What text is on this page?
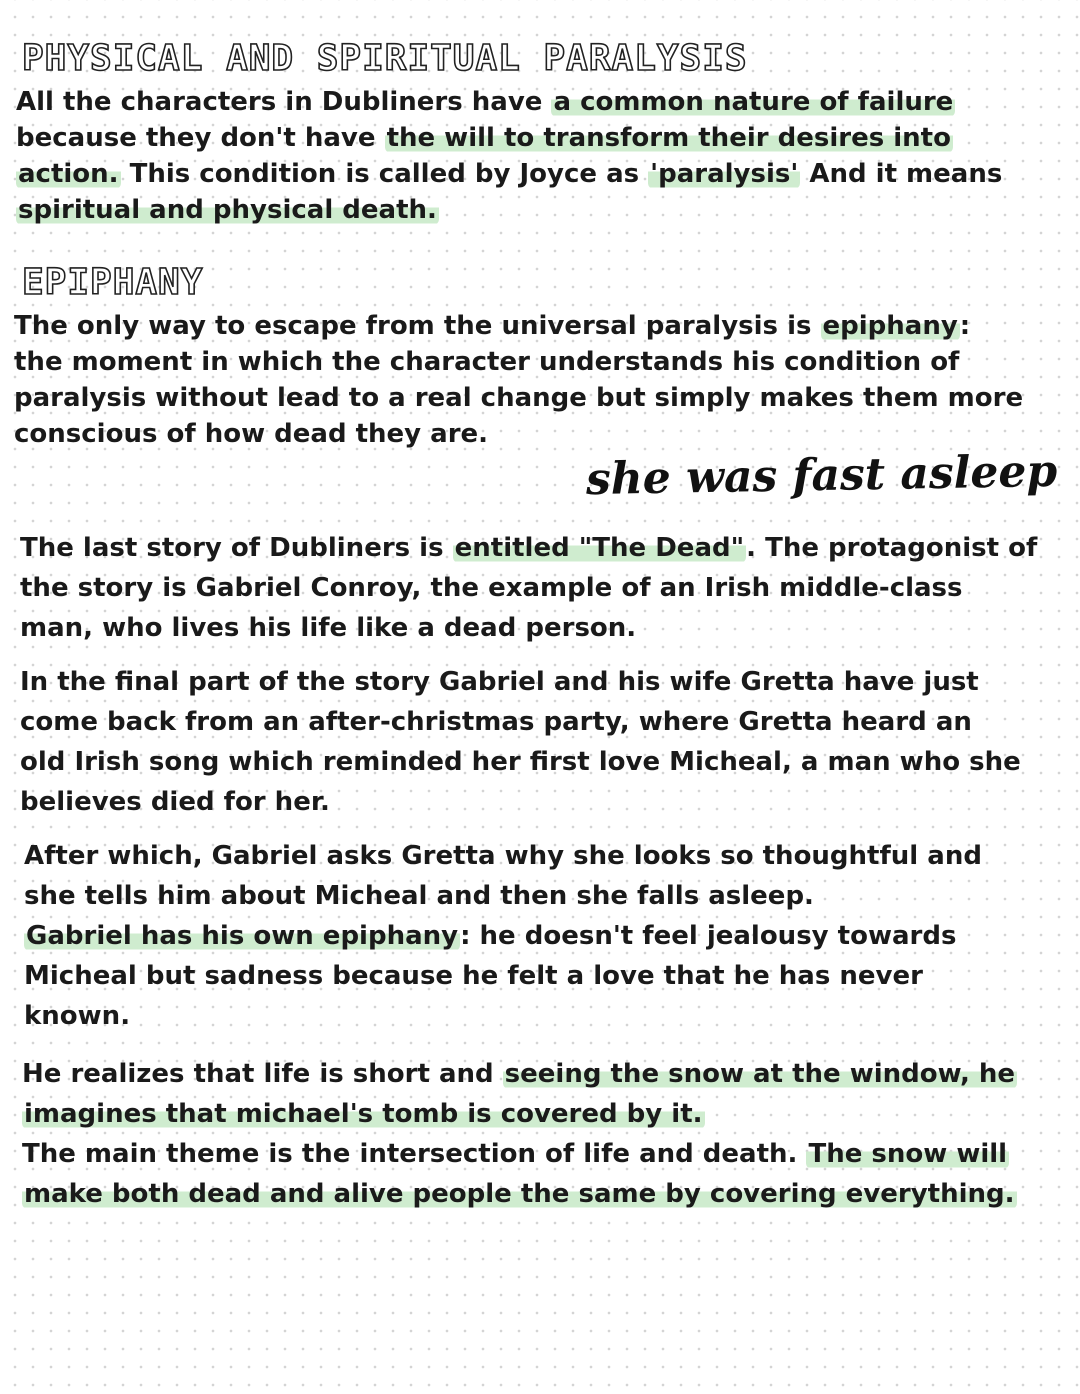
PHYSICAL AND SPIRITUAL PARALYSIS
All the characters in Dubliners have a common nature of failure
because they don't have the will to transform their desires into
action. This condition is called by Joyce as 'paralysis' And it means
spiritual and physical death.
EPIPHANY
The only way to escape from the universal paralysis is epiphany:
the moment in which the character understands his condition of
paralysis without lead to a real change but simply makes them more
conscious of how dead they are.
she was fast asleep
The last story of Dubliners is entitled "The Dead". The protagonist of
the story is Gabriel Conroy, the example of an Irish middle-class
man, who lives his life like a dead person.
In the final part of the story Gabriel and his wife Gretta have just
come back from an after-christmas party, where Gretta heard an
old Irish song which reminded her first love Micheal, a man who she
believes died for her.
After which, Gabriel asks Gretta why she looks so thoughtful and
she tells him about Micheal and then she falls asleep.
Gabriel has his own epiphany: he doesn't feel jealousy towards
Micheal but sadness because he felt a love that he has never
known.
He realizes that life is short and seeing the snow at the window, he
imagines that michael's tomb is covered by it.
The main theme is the intersection of life and death. The snow will
make both dead and alive people the same by covering everything.
